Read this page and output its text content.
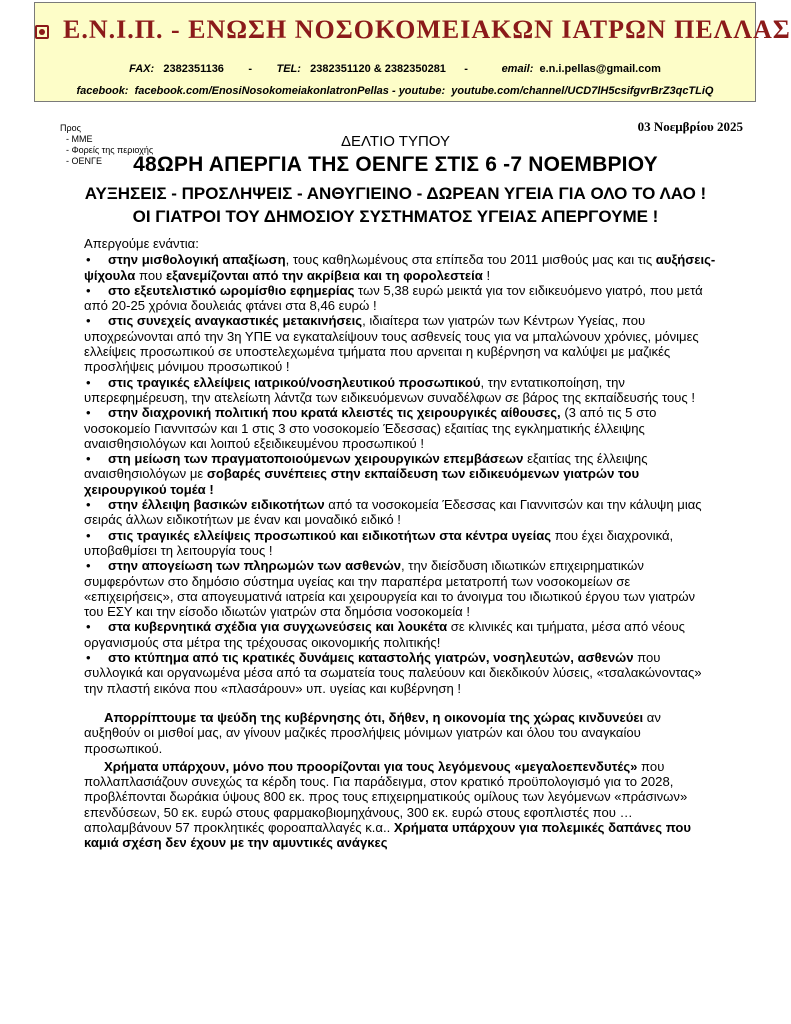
Ε.Ν.Ι.Π. - ΕΝΩΣΗ ΝΟΣΟΚΟΜΕΙΑΚΩΝ ΙΑΤΡΩΝ ΠΕΛΛΑΣ
FAX: 2382351136        -        TEL: 2382351120 & 2382350281      -           email: e.n.i.pellas@gmail.com
facebook: facebook.com/EnosiNosokomeiakonlatronPellas - youtube: youtube.com/channel/UCD7lH5csifgvrBrZ3qcTLiQ
Προς
- ΜΜΕ
- Φορείς της περιοχής
- ΟΕΝΓΕ
03 Νοεμβρίου 2025
ΔΕΛΤΙΟ ΤΥΠΟΥ
48ΩΡΗ ΑΠΕΡΓΙΑ ΤΗΣ ΟΕΝΓΕ ΣΤΙΣ 6 -7 ΝΟΕΜΒΡΙΟΥ
ΑΥΞΗΣΕΙΣ - ΠΡΟΣΛΗΨΕΙΣ - ΑΝΘΥΓΙΕΙΝΟ - ΔΩΡΕΑΝ ΥΓΕΙΑ ΓΙΑ ΟΛΟ ΤΟ ΛΑΟ !
ΟΙ ΓΙΑΤΡΟΙ ΤΟΥ ΔΗΜΟΣΙΟΥ ΣΥΣΤΗΜΑΤΟΣ ΥΓΕΙΑΣ ΑΠΕΡΓΟΥΜΕ !

Απεργούμε ενάντια:

•στην μισθολογική απαξίωση, τους καθηλωμένους στα επίπεδα του 2011 μισθούς μας και τις αυξήσεις-ψίχουλα που εξανεμίζονται από την ακρίβεια και τη φορολεστεία !
•στο εξευτελιστικό ωρομίσθιο εφημερίας των 5,38 ευρώ μεικτά για τον ειδικευόμενο γιατρό, που μετά από 20-25 χρόνια δουλειάς φτάνει στα 8,46 ευρώ !
•στις συνεχείς αναγκαστικές μετακινήσεις, ιδιαίτερα των γιατρών των Κέντρων Υγείας, που υποχρεώνονται από την 3η ΥΠΕ να εγκαταλείψουν τους ασθενείς τους για να μπαλώνουν χρόνιες, μόνιμες ελλείψεις προσωπικού σε υποστελεχωμένα τμήματα που αρνειται η κυβέρνηση να καλύψει με μαζικές προσλήψεις μόνιμου προσωπικού !
•στις τραγικές ελλείψεις ιατρικού/νοσηλευτικού προσωπικού, την εντατικοποίηση, την υπερεφημέρευση, την ατελείωτη λάντζα των ειδικευόμενων συναδέλφων σε βάρος της εκπαίδευσής τους !
•στην διαχρονική πολιτική που κρατά κλειστές τις χειρουργικές αίθουσες, (3 από τις 5 στο νοσοκομείο Γιαννιτσών και 1 στις 3 στο νοσοκομείο Έδεσσας) εξαιτίας της εγκληματικής έλλειψης αναισθησιολόγων και λοιπού εξειδικευμένου προσωπικού !
•στη μείωση των πραγματοποιούμενων χειρουργικών επεμβάσεων εξαιτίας της έλλειψης αναισθησιολόγων με σοβαρές συνέπειες στην εκπαίδευση των ειδικευόμενων γιατρών του χειρουργικού τομέα !
•στην έλλειψη βασικών ειδικοτήτων από τα νοσοκομεία Έδεσσας και Γιαννιτσών και την κάλυψη μιας σειράς άλλων ειδικοτήτων με έναν και μοναδικό ειδικό !
•στις τραγικές ελλείψεις προσωπικού και ειδικοτήτων στα κέντρα υγείας που έχει διαχρονικά, υποβαθμίσει τη λειτουργία τους !
•στην απογείωση των πληρωμών των ασθενών, την διείσδυση ιδιωτικών επιχειρηματικών συμφερόντων στο δημόσιο σύστημα υγείας και την παραπέρα μετατροπή των νοσοκομείων σε «επιχειρήσεις», στα απογευματινά ιατρεία και χειρουργεία και το άνοιγμα του ιδιωτικού έργου των γιατρών του ΕΣΥ και την είσοδο ιδιωτών γιατρών στα δημόσια νοσοκομεία !
•στα κυβερνητικά σχέδια για συγχωνεύσεις και λουκέτα σε κλινικές και τμήματα, μέσα από νέους οργανισμούς στα μέτρα της τρέχουσας οικονομικής πολιτικής!
•στο κτύπημα από τις κρατικές δυνάμεις καταστολής γιατρών, νοσηλευτών, ασθενών που συλλογικά και οργανωμένα μέσα από τα σωματεία τους παλεύουν και διεκδικούν λύσεις, «τσαλακώνοντας» την πλαστή εικόνα που «πλασάρουν» υπ. υγείας και κυβέρνηση !

Απορρίπτουμε τα ψεύδη της κυβέρνησης ότι, δήθεν, η οικονομία της χώρας κινδυνεύει αν αυξηθούν οι μισθοί μας, αν γίνουν μαζικές προσλήψεις μόνιμων γιατρών και όλου του αναγκαίου προσωπικού.

Χρήματα υπάρχουν, μόνο που προορίζονται για τους λεγόμενους «μεγαλοεπενδυτές» που πολλαπλασιάζουν συνεχώς τα κέρδη τους. Για παράδειγμα, στον κρατικό προϋπολογισμό για το 2028, προβλέπονται δωράκια ύψους 800 εκ. προς τους επιχειρηματικούς ομίλους των λεγόμενων «πράσινων» επενδύσεων, 50 εκ. ευρώ στους φαρμακοβιομηχάνους, 300 εκ. ευρώ στους εφοπλιστές που …απολαμβάνουν 57 προκλητικές φοροαπαλλαγές κ.α.. Χρήματα υπάρχουν για πολεμικές δαπάνες που καμιά σχέση δεν έχουν με την αμυντικές ανάγκες
